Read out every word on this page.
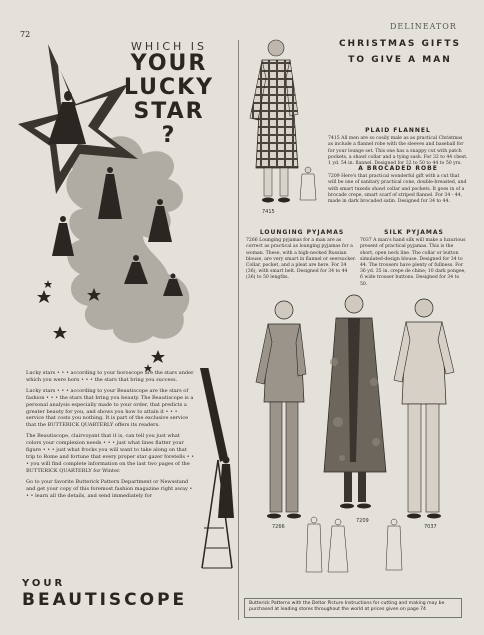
72
DELINEATOR
WHICH IS
YOUR
LUCKY
STAR
?

Lucky stars • • • according to your horoscope are the stars under which you were born • • • the stars that bring you success.

Lucky stars • • • according to your Beautiscope are the stars of fashion • • • the stars that bring you beauty. The Beautiscope is a personal analysis especially made to your order, that predicts a greater beauty for you, and shows you how to attain it • • • service that costs you nothing. It is part of the exclusive service that the BUTTERICK QUARTERLY offers its readers.

The Beautiscope, clairvoyant that it is, can tell you just what colors your complexion needs • • • just what lines flatter your figure • • • just what frocks you will want to take along on that trip to Rome and fortune that every proper star gazer foretells • • • you will find complete information on the last two pages of the BUTTERICK QUARTERLY for Winter.

Go to your favorite Butterick Pattern Department or Newsstand and get your copy of this foremost fashion magazine right away • • • learn all the details, and send immediately for

YOUR
BEAUTISCOPE
CHRISTMAS GIFTS
TO GIVE A MAN
7415
PLAID FLANNEL
7415 All men are so cosily male as as practical Christmas as include a flannel robe with the sleeves and baseball for for your lounge set. This one has a snappy cut with patch pockets, a shawl collar and a tying sash. For 32 to 44 chest. 1 yd. 54 in. flannel. Designed for 32 to 50 to 44 to 50 yrs.
A BROCADED ROBE
7209 Here's that practical wonderful gift with a cut that will be one of sanitary practical cone, double-breasted, and with smart tuxedo shawl collar and pockets. It goes in of a brocade crepe, smart scarf of striped flannel. For 34 - 44, made in dark brocaded satin. Designed for 34 to 44.
LOUNGING PYJAMAS
7266 Lounging pyjamas for a man are as correct as practical as lounging pyjamas for a woman. These, with a high-necked Russian blouse, are very smart in flannel or seersucker. Collar, pocket, and a pleat are here. For 34 (36), with smart belt. Designed for 34 to 44 (36) to 50 lengths.
SILK PYJAMAS
7037 A man's hand silk will make a luxurious present of practical pyjamas. This is the short, open neck line. The collar or button simulated-design blouse. Designed for 34 to 44. The trousers have plenty of fullness. For 36 yd. 35 in. crepe de chine; 10 dark pongee, 6 wide trouser buttons. Designed for 34 to 50.
7266
7209
7037
Butterick Patterns with the Deltor Picture Instructions for cutting and making may be purchased at leading stores throughout the world at prices given on page 74
